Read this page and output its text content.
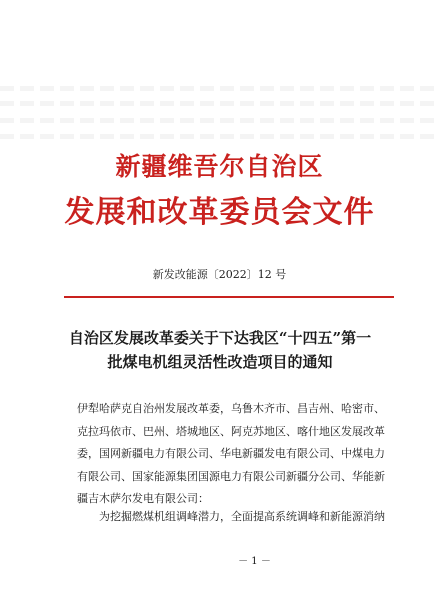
新疆维吾尔自治区
发展和改革委员会文件
新发改能源〔2022〕12 号
自治区发展改革委关于下达我区“十四五”第一
批煤电机组灵活性改造项目的通知
伊犁哈萨克自治州发展改革委，乌鲁木齐市、昌吉州、哈密市、
克拉玛依市、巴州、塔城地区、阿克苏地区、喀什地区发展改革
委，国网新疆电力有限公司、华电新疆发电有限公司、中煤电力
有限公司、国家能源集团国源电力有限公司新疆分公司、华能新
疆吉木萨尔发电有限公司：
为挖掘燃煤机组调峰潜力，全面提高系统调峰和新能源消纳
－ 1 －
